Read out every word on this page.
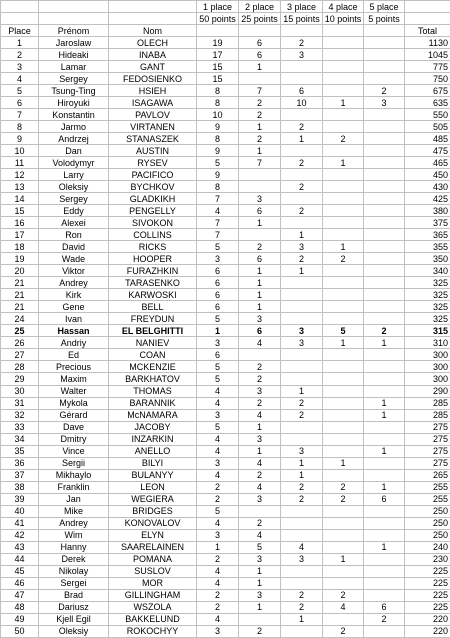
			1 place	2 place	3 place	4 place	5 place	
			50 points	25 points	15 points	10 points	5 points	
Place	Prénom	Nom						Total
1	Jaroslaw	OLECH	19	6	2			1130
2	Hideaki	INABA	17	6	3			1045
3	Lamar	GANT	15	1				775
4	Sergey	FEDOSIENKO	15					750
5	Tsung-Ting	HSIEH	8	7	6		2	675
6	Hiroyuki	ISAGAWA	8	2	10	1	3	635
7	Konstantin	PAVLOV	10	2				550
8	Jarmo	VIRTANEN	9	1	2			505
9	Andrzej	STANASZEK	8	2	1	2		485
10	Dan	AUSTIN	9	1				475
11	Volodymyr	RYSEV	5	7	2	1		465
12	Larry	PACIFICO	9					450
13	Oleksiy	BYCHKOV	8		2			430
14	Sergey	GLADKIKH	7	3				425
15	Eddy	PENGELLY	4	6	2			380
16	Alexei	SIVOKON	7	1				375
17	Ron	COLLINS	7		1			365
18	David	RICKS	5	2	3	1		355
19	Wade	HOOPER	3	6	2	2		350
20	Viktor	FURAZHKIN	6	1	1			340
21	Andrey	TARASENKO	6	1				325
21	Kirk	KARWOSKI	6	1				325
21	Gene	BELL	6	1				325
24	Ivan	FREYDUN	5	3				325
25	Hassan	EL BELGHITTI	1	6	3	5	2	315
26	Andriy	NANIEV	3	4	3	1	1	310
27	Ed	COAN	6					300
28	Precious	MCKENZIE	5	2				300
29	Maxim	BARKHATOV	5	2				300
30	Walter	THOMAS	4	3	1			290
31	Mykola	BARANNIK	4	2	2		1	285
32	Gérard	McNAMARA	3	4	2		1	285
33	Dave	JACOBY	5	1				275
34	Dmitry	INZARKIN	4	3				275
35	Vince	ANELLO	4	1	3		1	275
36	Sergii	BILYI	3	4	1	1		275
37	Mikhaylo	BULANYY	4	2	1			265
38	Franklin	LEON	2	4	2	2	1	255
39	Jan	WEGIERA	2	3	2	2	6	255
40	Mike	BRIDGES	5					250
41	Andrey	KONOVALOV	4	2				250
42	Wim	ELYN	3	4				250
43	Hanny	SAARELAINEN	1	5	4		1	240
44	Derek	POMANA	2	3	3	1		230
45	Nikolay	SUSLOV	4	1				225
46	Sergei	MOR	4	1				225
47	Brad	GILLINGHAM	2	3	2	2		225
48	Dariusz	WSZOLA	2	1	2	4	6	225
49	Kjell Egil	BAKKELUND	4		1		2	220
50	Oleksiy	ROKOCHYY	3	2		2		220
